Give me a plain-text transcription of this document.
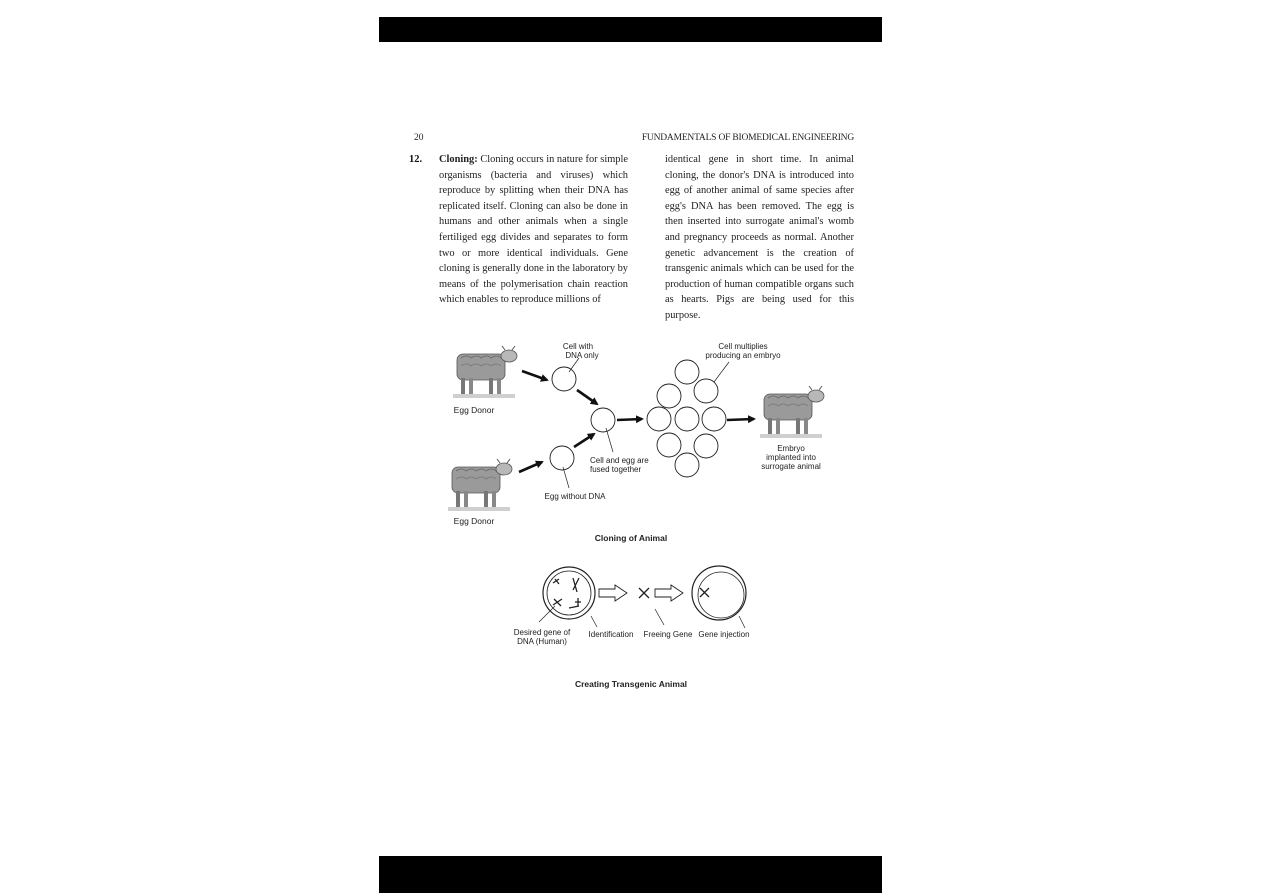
20	FUNDAMENTALS OF BIOMEDICAL ENGINEERING
12. Cloning: Cloning occurs in nature for simple organisms (bacteria and viruses) which reproduce by splitting when their DNA has replicated itself. Cloning can also be done in humans and other animals when a single fertiliged egg divides and separates to form two or more identical individuals. Gene cloning is generally done in the laboratory by means of the polymerisation chain reaction which enables to reproduce millions of
identical gene in short time. In animal cloning, the donor's DNA is introduced into egg of another animal of same species after egg's DNA has been removed. The egg is then inserted into surrogate animal's womb and pregnancy proceeds as normal. Another genetic advancement is the creation of transgenic animals which can be used for the production of human compatible organs such as hearts. Pigs are being used for this purpose.
Egg Donor
Egg Donor
Cell with
DNA only
Cell multiplies
producing an embryo
Cell and egg are
fused together
Egg without DNA
Embryo
implanted into
surrogate animal
Cloning of Animal
Desired gene of
DNA (Human)
Identification Freeing Gene Gene injection
Creating Transgenic Animal
